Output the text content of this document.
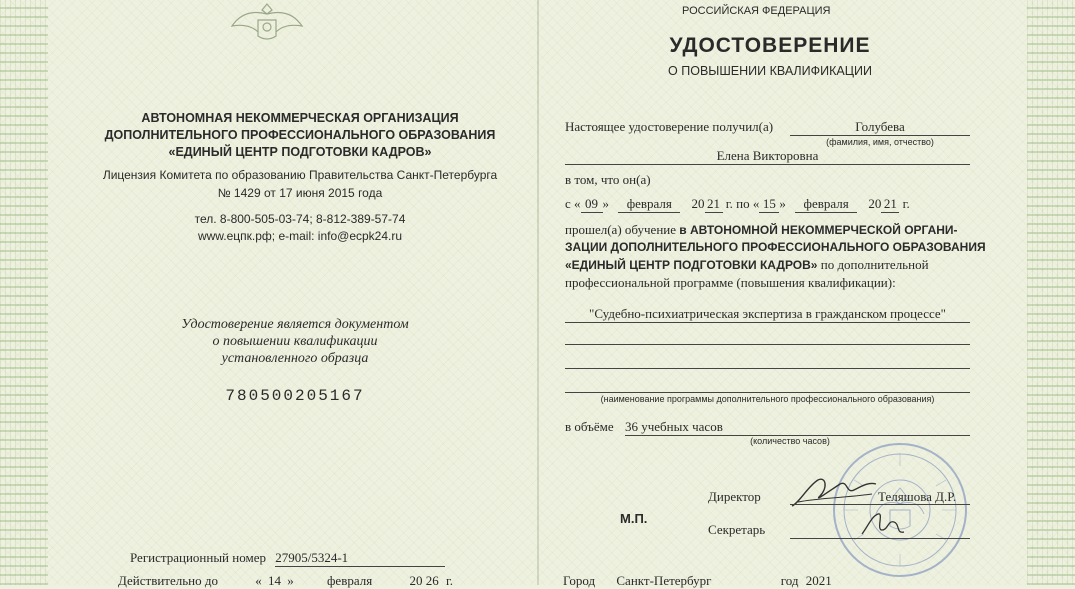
АВТОНОМНАЯ НЕКОММЕРЧЕСКАЯ ОРГАНИЗАЦИЯ
ДОПОЛНИТЕЛЬНОГО ПРОФЕССИОНАЛЬНОГО ОБРАЗОВАНИЯ
«ЕДИНЫЙ ЦЕНТР ПОДГОТОВКИ КАДРОВ»
Лицензия Комитета по образованию Правительства Санкт-Петербурга
№ 1429 от 17 июня 2015 года
тел. 8-800-505-03-74; 8-812-389-57-74
www.ецпк.рф; e-mail: info@ecpk24.ru
Удостоверение является документом
о повышении квалификации
установленного образца
780500205167
Регистрационный номер 27905/5324-1
Действительно до	« 14 »	февраля	20 26 г.
РОССИЙСКАЯ ФЕДЕРАЦИЯ
УДОСТОВЕРЕНИЕ
О ПОВЫШЕНИИ КВАЛИФИКАЦИИ
Настоящее удостоверение получил(а)	Голубева
(фамилия, имя, отчество)
Елена Викторовна
в том, что он(а)
с « 09 » февраля 20 21 г. по « 15 » февраля 20 21 г.
прошел(а) обучение в АВТОНОМНОЙ НЕКОММЕРЧЕСКОЙ ОРГАНИ-
ЗАЦИИ ДОПОЛНИТЕЛЬНОГО ПРОФЕССИОНАЛЬНОГО ОБРАЗОВАНИЯ
«ЕДИНЫЙ ЦЕНТР ПОДГОТОВКИ КАДРОВ» по дополнительной
профессиональной программе (повышения квалификации):
"Судебно-психиатрическая экспертиза в гражданском процессе"
(наименование программы дополнительного профессионального образования)
в объёме 36 учебных часов
(количество часов)
Директор	Теляшова Д.Р.
М.П.
Секретарь
Город Санкт-Петербург	год 2021
